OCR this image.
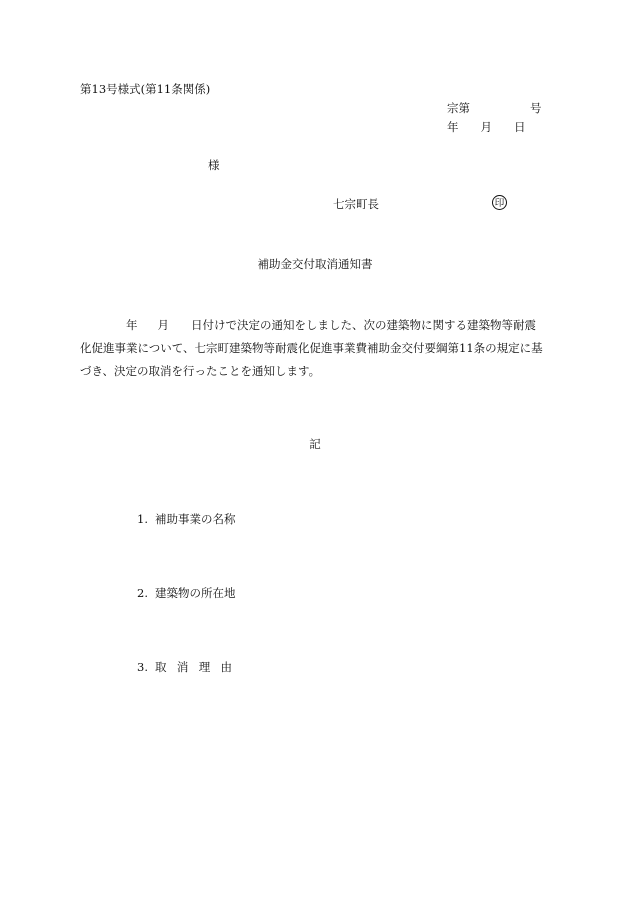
第13号様式(第11条関係)
宗第	号
年 月 日
様
七宗町長	印
補助金交付取消通知書
年 月 日付けで決定の通知をしました、次の建築物に関する建築物等耐震
化促進事業について、七宗町建築物等耐震化促進事業費補助金交付要綱第11条の規定に基
づき、決定の取消を行ったことを通知します。
記
1. 補助事業の名称
2. 建築物の所在地
3. 取消理由
